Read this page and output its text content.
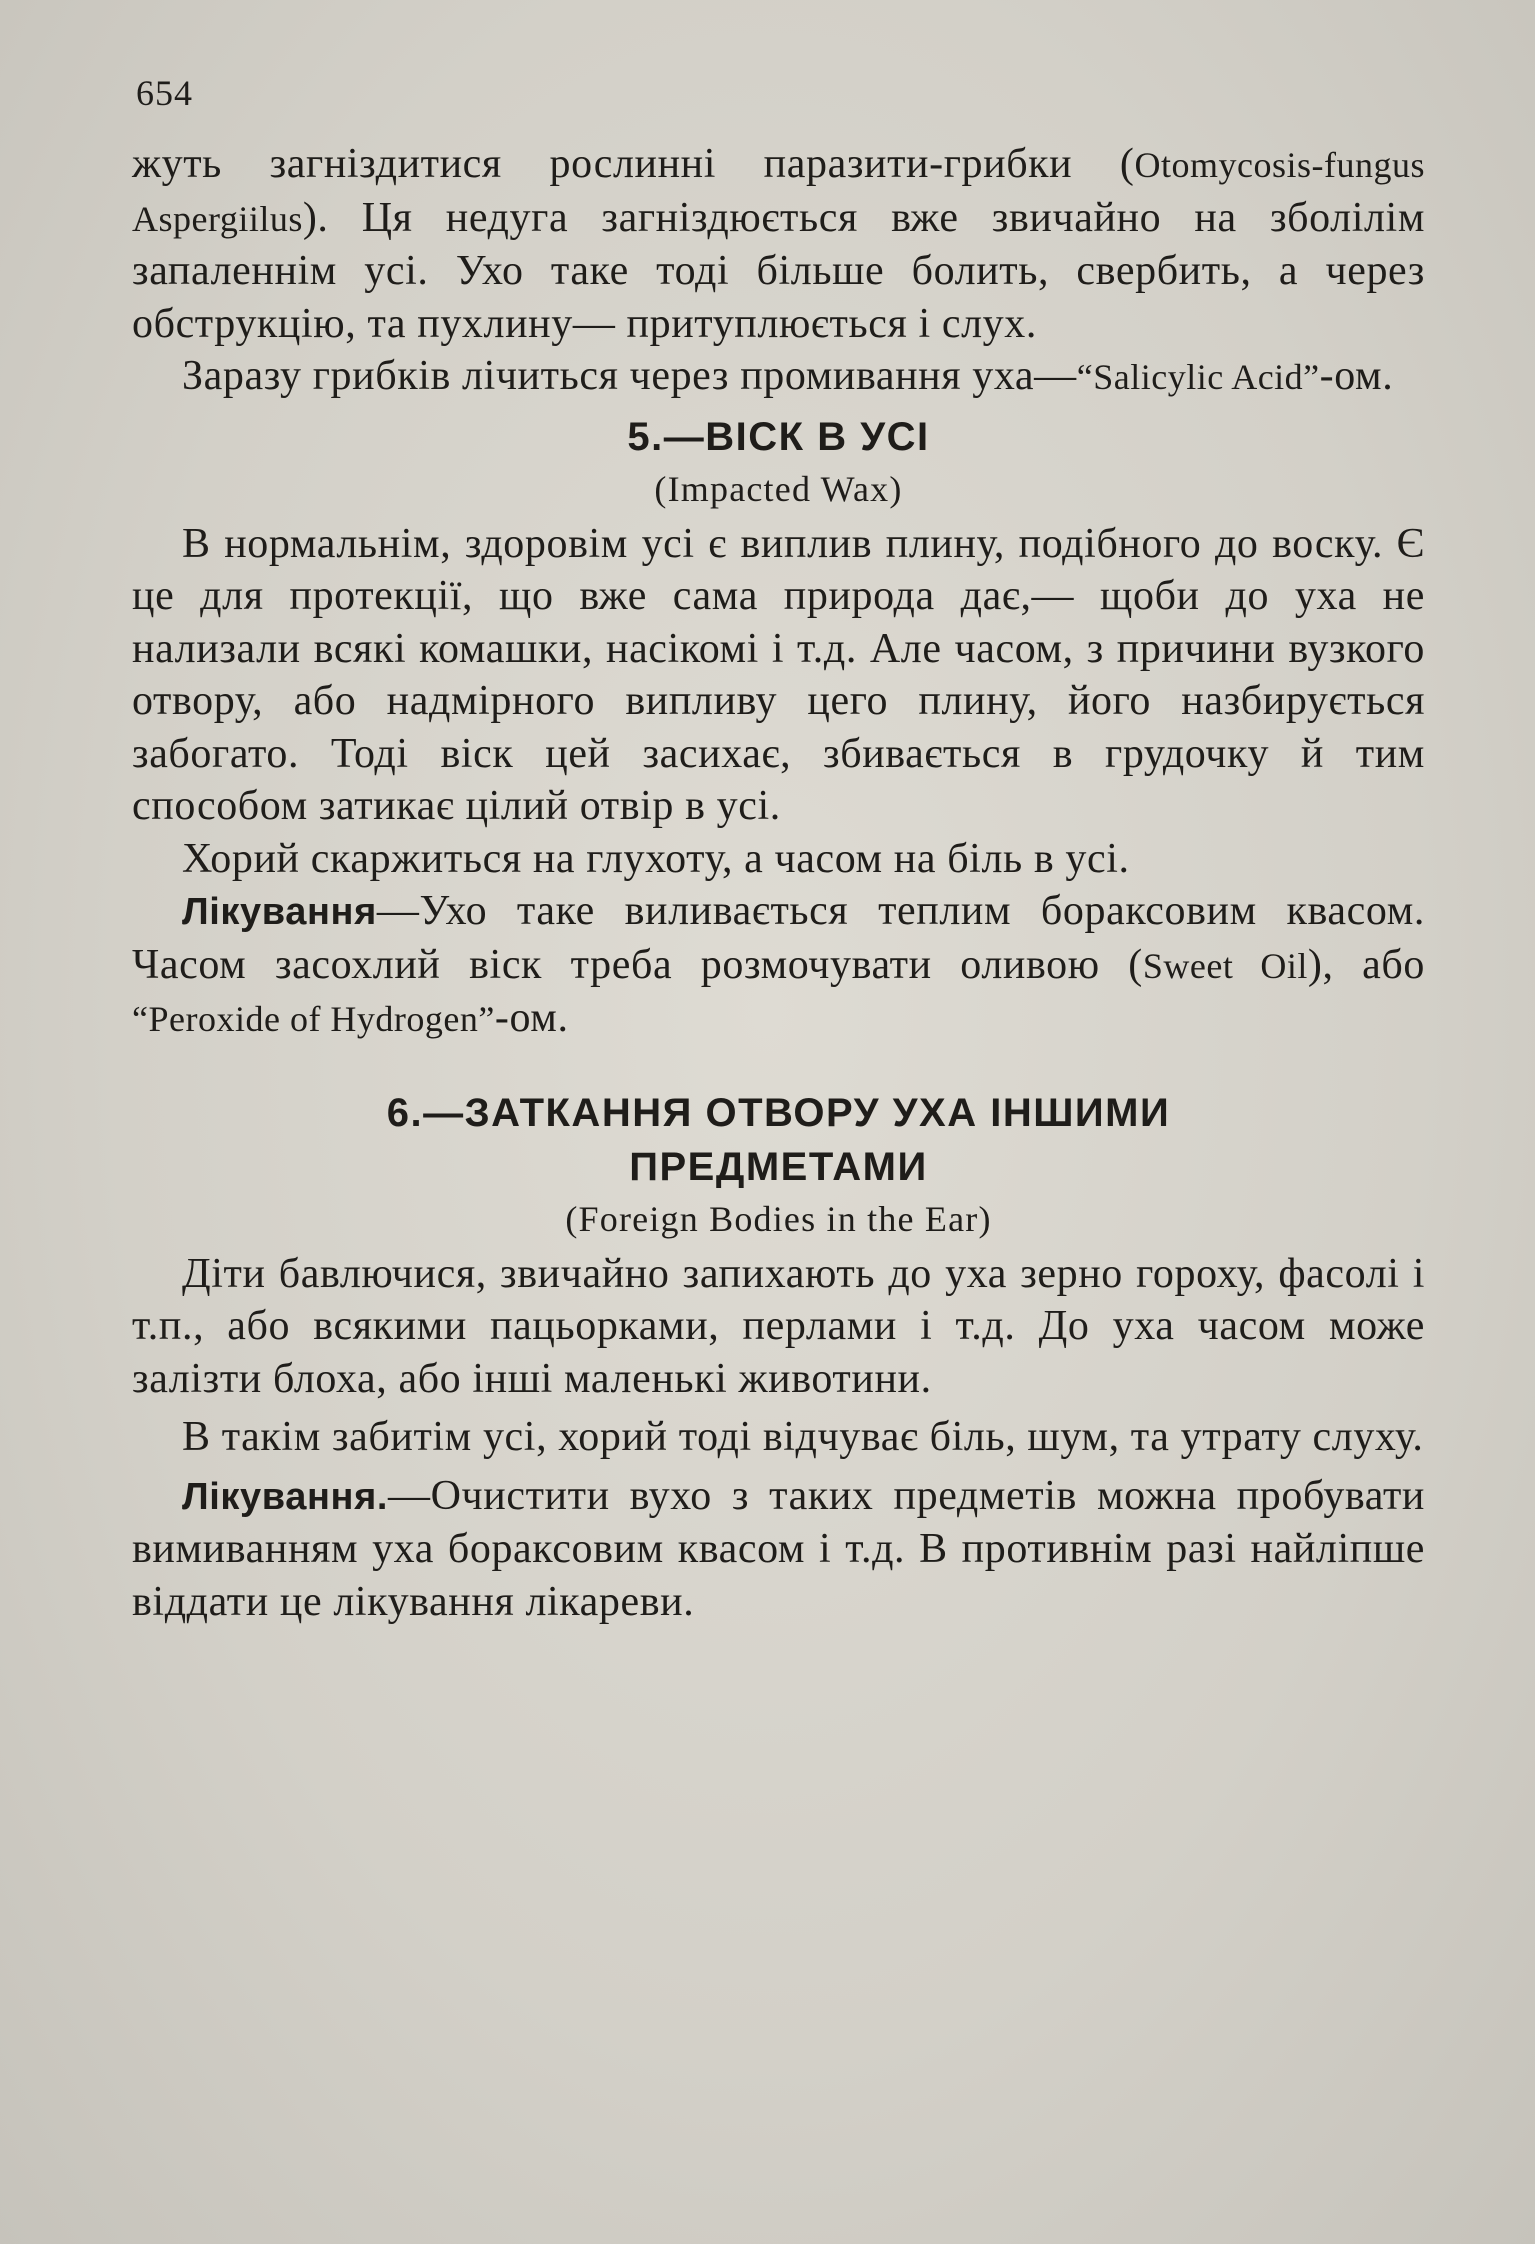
654

жуть загніздитися рослинні паразити-грибки (Otomycosis-fungus Aspergiilus). Ця недуга загніздюється вже звичайно на зболілім запаленнім усі. Ухо таке тоді більше болить, свербить, а через обструкцію, та пухлину— притуплюється і слух.

Заразу грибків лічиться через промивання уха—“Salicylic Acid”-ом.

5.—ВІСК В УСІ
(Impacted Wax)

В нормальнім, здоровім усі є виплив плину, подібного до воску. Є це для протекції, що вже сама природа дає,— щоби до уха не нализали всякі комашки, насікомі і т.д. Але часом, з причини вузкого отвору, або надмірного випливу цего плину, його назбирується забогато. Тоді віск цей засихає, збивається в грудочку й тим способом затикає цілий отвір в усі.

Хорий скаржиться на глухоту, а часом на біль в усі.

Лікування—Ухо таке виливається теплим бораксовим квасом. Часом засохлий віск треба розмочувати оливою (Sweet Oil), або “Peroxide of Hydrogen”-ом.

6.—ЗАТКАННЯ ОТВОРУ УХА ІНШИМИ
ПРЕДМЕТАМИ
(Foreign Bodies in the Ear)

Діти бавлючися, звичайно запихають до уха зерно гороху, фасолі і т.п., або всякими пацьорками, перлами і т.д. До уха часом може залізти блоха, або інші маленькі животини.

В такім забитім усі, хорий тоді відчуває біль, шум, та утрату слуху.

Лікування.—Очистити вухо з таких предметів можна пробувати вимиванням уха бораксовим квасом і т.д. В противнім разі найліпше віддати це лікування лікареви.
